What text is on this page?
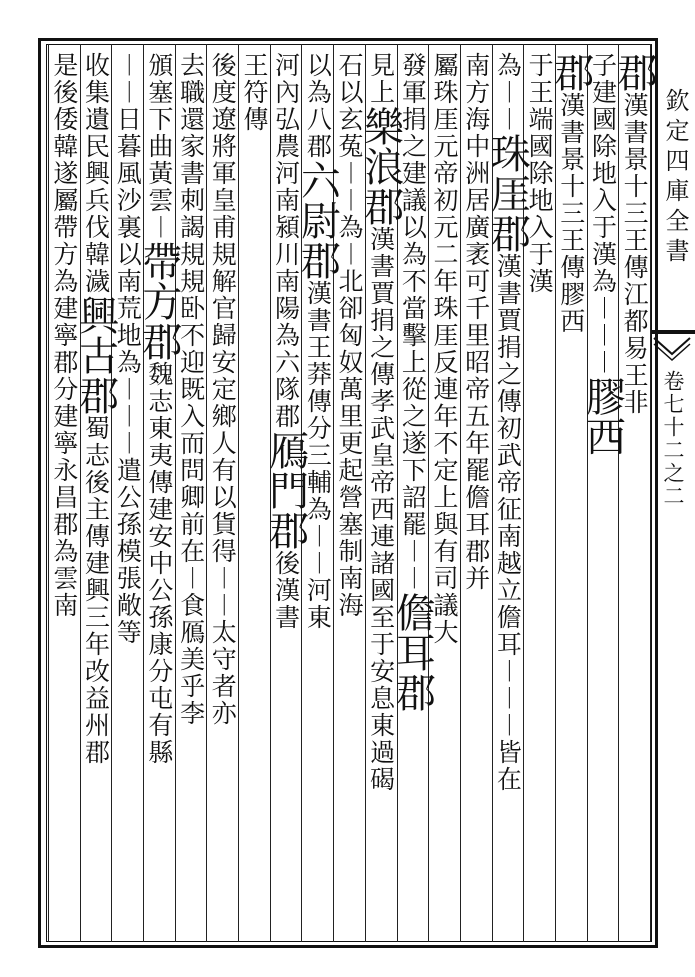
欽定四庫全書
卷七十二之二
郡漢書景十三王傳江都易王非
子建國除地入于漢為︱︱︱膠西
郡漢書景十三王傳膠西
于王端國除地入于漢
為︱︱珠厓郡漢書賈捐之傳初武帝征南越立儋耳︱︱︱皆在
南方海中洲居廣袤可千里昭帝五年罷儋耳郡并
屬珠厓元帝初元二年珠厓反連年不定上與有司議大
發軍捐之建議以為不當擊上從之遂下詔罷︱︱儋耳郡
見上樂浪郡漢書賈捐之傳孝武皇帝西連諸國至于安息東過碣
石以玄菟︱︱為︱北卻匈奴萬里更起營塞制南海
以為八郡六尉郡漢書王莽傳分三輔為︱︱河東
河內弘農河南潁川南陽為六隊郡鴈門郡後漢書
王符傳
後度遼將軍皇甫規解官歸安定鄉人有以貨得︱︱太守者亦
去職還家書刺謁規規卧不迎既入而問卿前在︱食鴈美乎李
頒塞下曲黃雲︱帶方郡魏志東夷傳建安中公孫康分屯有縣
︱︱日暮風沙裏以南荒地為︱︱︱遣公孫模張敞等
收集遺民興兵伐韓濊興古郡蜀志後主傳建興三年改益州郡
是後倭韓遂屬帶方為建寧郡分建寧永昌郡為雲南
